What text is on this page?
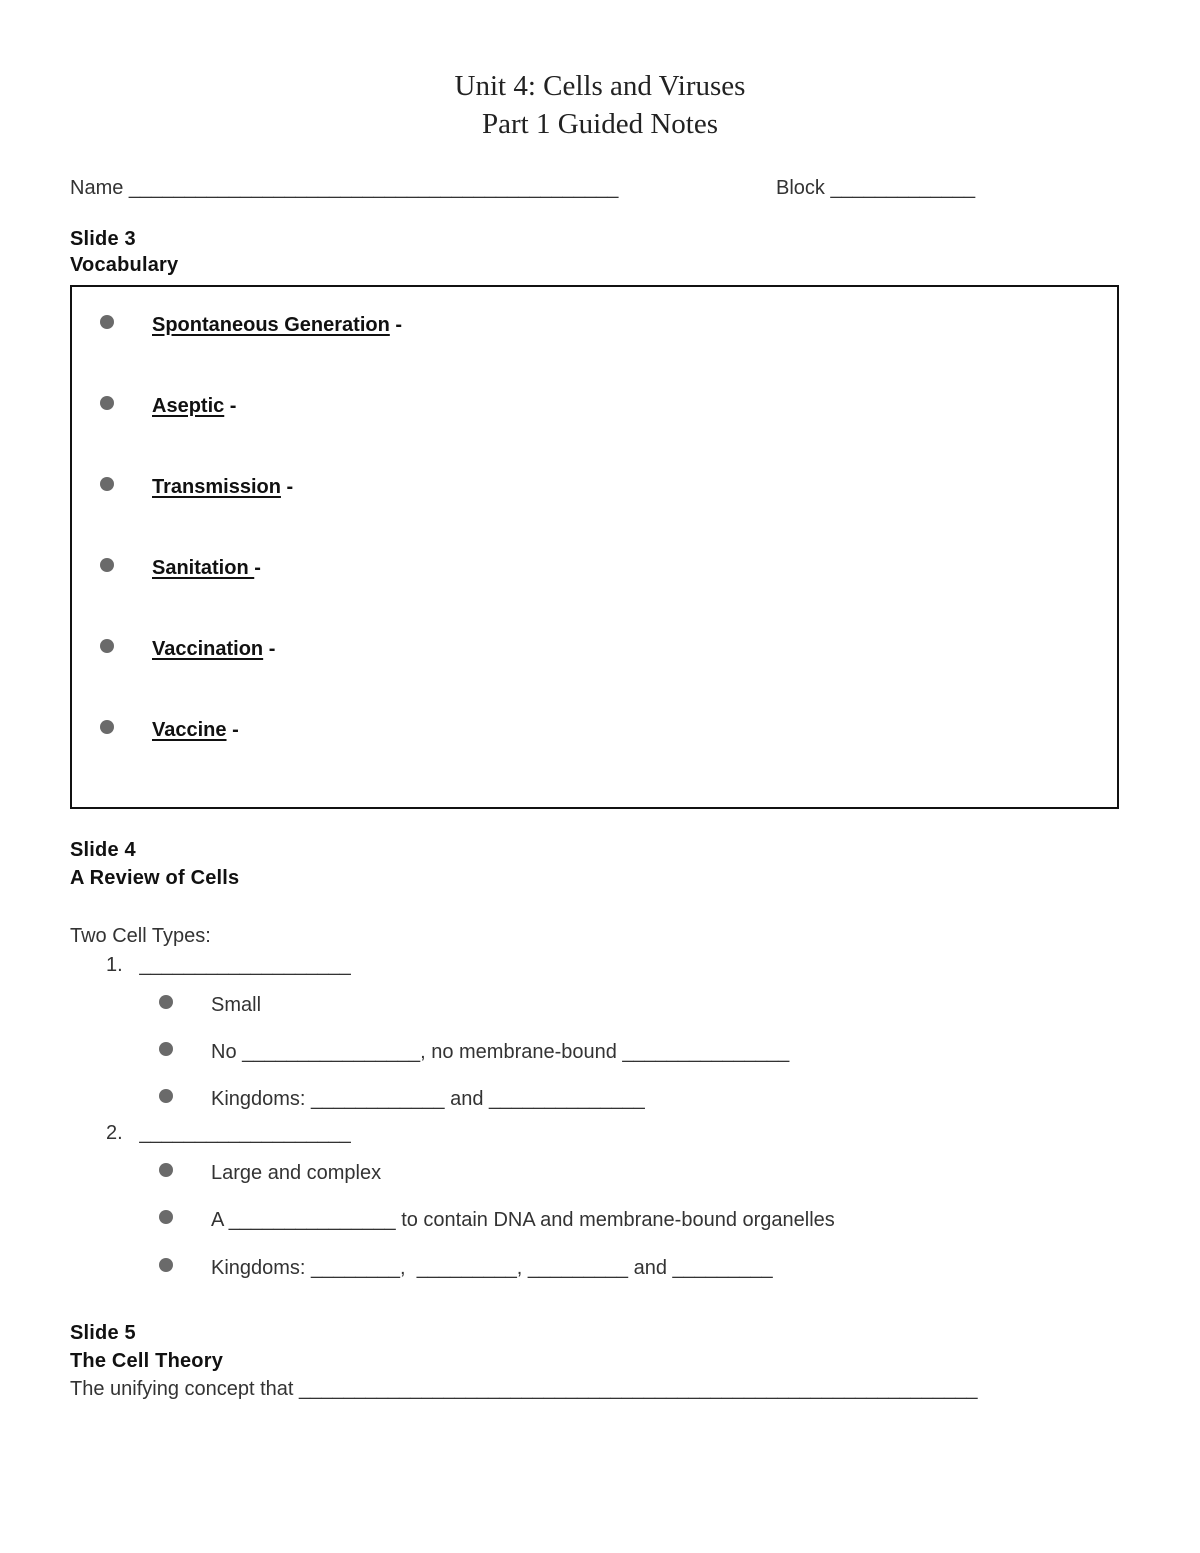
Unit 4: Cells and Viruses
Part 1 Guided Notes
Name ____________________________________________	Block _____________
Slide 3
Vocabulary
Spontaneous Generation -
Aseptic -
Transmission -
Sanitation -
Vaccination -
Vaccine -
Slide 4
A Review of Cells
Two Cell Types:
1.   ___________________
Small
No ________________, no membrane-bound _______________
Kingdoms: ____________ and ______________
2.   ___________________
Large and complex
A _______________ to contain DNA and membrane-bound organelles
Kingdoms: ________,  _________, _________ and _________
Slide 5
The Cell Theory
The unifying concept that _____________________________________________________________
